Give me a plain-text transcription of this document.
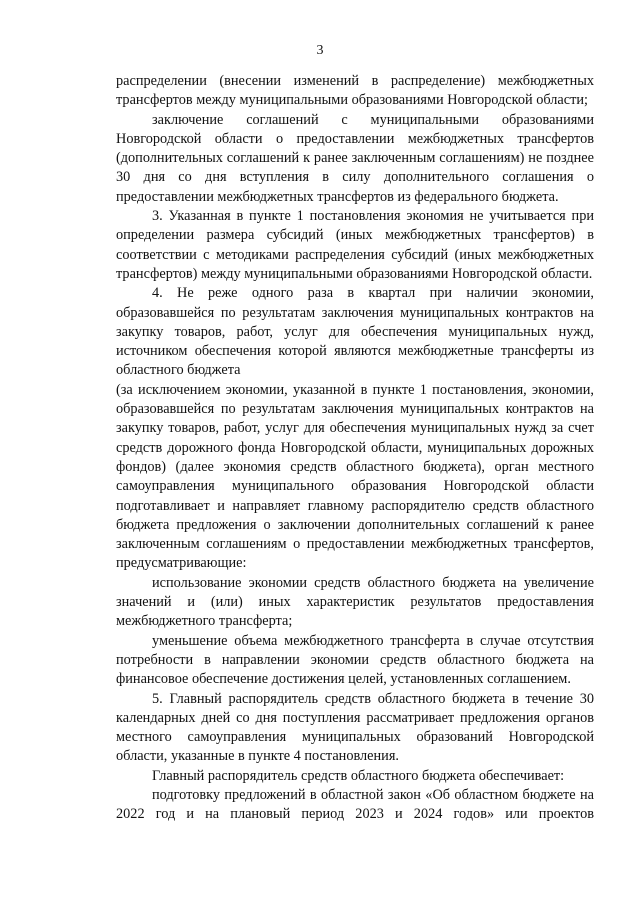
3

распределении (внесении изменений в распределение) межбюджетных трансфертов между муниципальными образованиями Новгородской области;

заключение соглашений с муниципальными образованиями Новгородской области о предоставлении межбюджетных трансфертов (дополнительных соглашений к ранее заключенным соглашениям) не позднее 30 дня со дня вступления в силу дополнительного соглашения о предоставлении межбюджетных трансфертов из федерального бюджета.

3. Указанная в пункте 1 постановления экономия не учитывается при определении размера субсидий (иных межбюджетных трансфертов) в соответствии с методиками распределения субсидий (иных межбюджетных трансфертов) между муниципальными образованиями Новгородской области.

4. Не реже одного раза в квартал при наличии экономии, образовавшейся по результатам заключения муниципальных контрактов на закупку товаров, работ, услуг для обеспечения муниципальных нужд, источником обеспечения которой являются межбюджетные трансферты из областного бюджета

(за исключением экономии, указанной в пункте 1 постановления, экономии, образовавшейся по результатам заключения муниципальных контрактов на закупку товаров, работ, услуг для обеспечения муниципальных нужд за счет средств дорожного фонда Новгородской области, муниципальных дорожных фондов) (далее экономия средств областного бюджета), орган местного самоуправления муниципального образования Новгородской области подготавливает и направляет главному распорядителю средств областного бюджета предложения о заключении дополнительных соглашений к ранее заключенным соглашениям о предоставлении межбюджетных трансфертов, предусматривающие:

использование экономии средств областного бюджета на увеличение значений и (или) иных характеристик результатов предоставления межбюджетного трансферта;

уменьшение объема межбюджетного трансферта в случае отсутствия потребности в направлении экономии средств областного бюджета на финансовое обеспечение достижения целей, установленных соглашением.

5. Главный распорядитель средств областного бюджета в течение 30 календарных дней со дня поступления рассматривает предложения органов местного самоуправления муниципальных образований Новгородской области, указанные в пункте 4 постановления.

Главный распорядитель средств областного бюджета обеспечивает:

подготовку предложений в областной закон «Об областном бюджете на 2022 год и на плановый период 2023 и 2024 годов» или проектов
